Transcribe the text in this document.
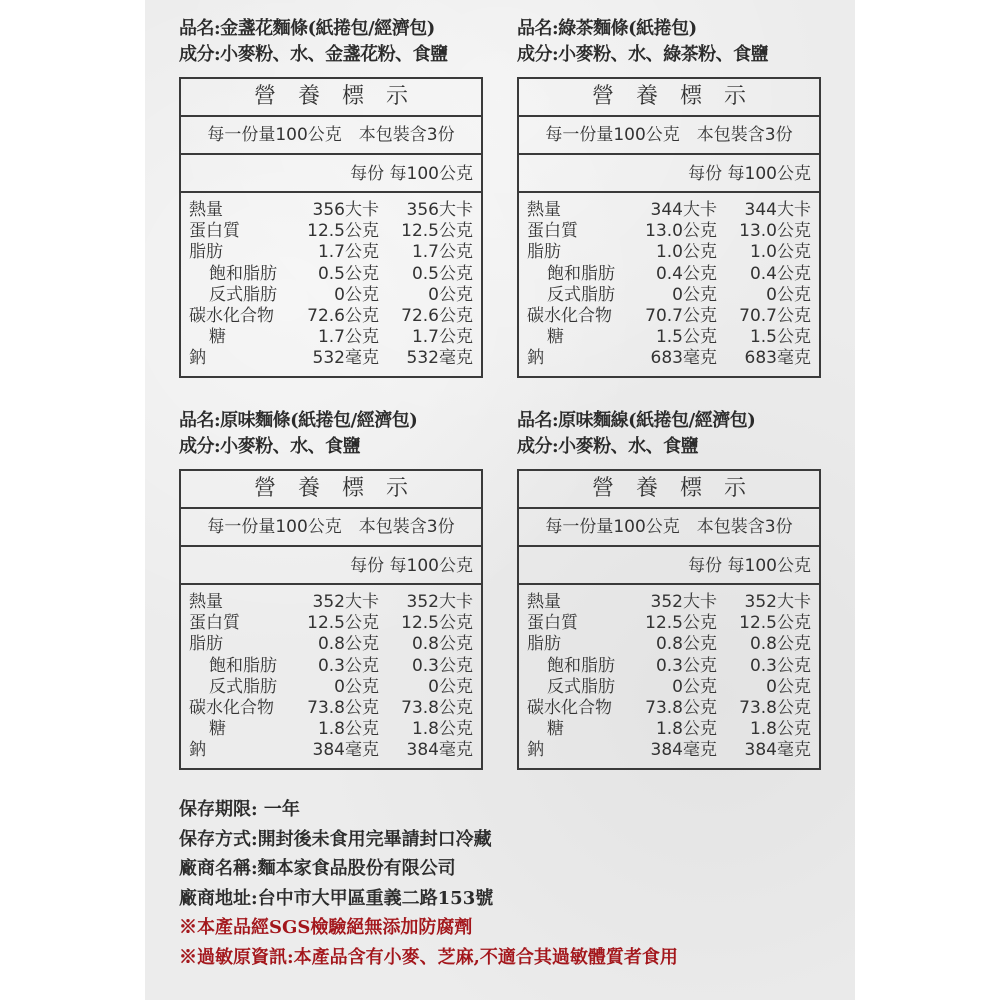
品名:金盞花麵條(紙捲包/經濟包)
成分:小麥粉、水、金盞花粉、食鹽
營養標示
每一份量100公克　本包裝含3份
每份 每100公克
熱量	356大卡	356大卡
蛋白質	12.5公克	12.5公克
脂肪	1.7公克	1.7公克
飽和脂肪	0.5公克	0.5公克
反式脂肪	0公克	0公克
碳水化合物	72.6公克	72.6公克
糖	1.7公克	1.7公克
鈉	532毫克	532毫克
品名:綠茶麵條(紙捲包)
成分:小麥粉、水、綠茶粉、食鹽
營養標示
每一份量100公克　本包裝含3份
每份 每100公克
熱量	344大卡	344大卡
蛋白質	13.0公克	13.0公克
脂肪	1.0公克	1.0公克
飽和脂肪	0.4公克	0.4公克
反式脂肪	0公克	0公克
碳水化合物	70.7公克	70.7公克
糖	1.5公克	1.5公克
鈉	683毫克	683毫克
品名:原味麵條(紙捲包/經濟包)
成分:小麥粉、水、食鹽
營養標示
每一份量100公克　本包裝含3份
每份 每100公克
熱量	352大卡	352大卡
蛋白質	12.5公克	12.5公克
脂肪	0.8公克	0.8公克
飽和脂肪	0.3公克	0.3公克
反式脂肪	0公克	0公克
碳水化合物	73.8公克	73.8公克
糖	1.8公克	1.8公克
鈉	384毫克	384毫克
品名:原味麵線(紙捲包/經濟包)
成分:小麥粉、水、食鹽
營養標示
每一份量100公克　本包裝含3份
每份 每100公克
熱量	352大卡	352大卡
蛋白質	12.5公克	12.5公克
脂肪	0.8公克	0.8公克
飽和脂肪	0.3公克	0.3公克
反式脂肪	0公克	0公克
碳水化合物	73.8公克	73.8公克
糖	1.8公克	1.8公克
鈉	384毫克	384毫克
保存期限: 一年
保存方式:開封後未食用完畢請封口冷藏
廠商名稱:麵本家食品股份有限公司
廠商地址:台中市大甲區重義二路153號
※本產品經SGS檢驗絕無添加防腐劑
※過敏原資訊:本產品含有小麥、芝麻,不適合其過敏體質者食用
